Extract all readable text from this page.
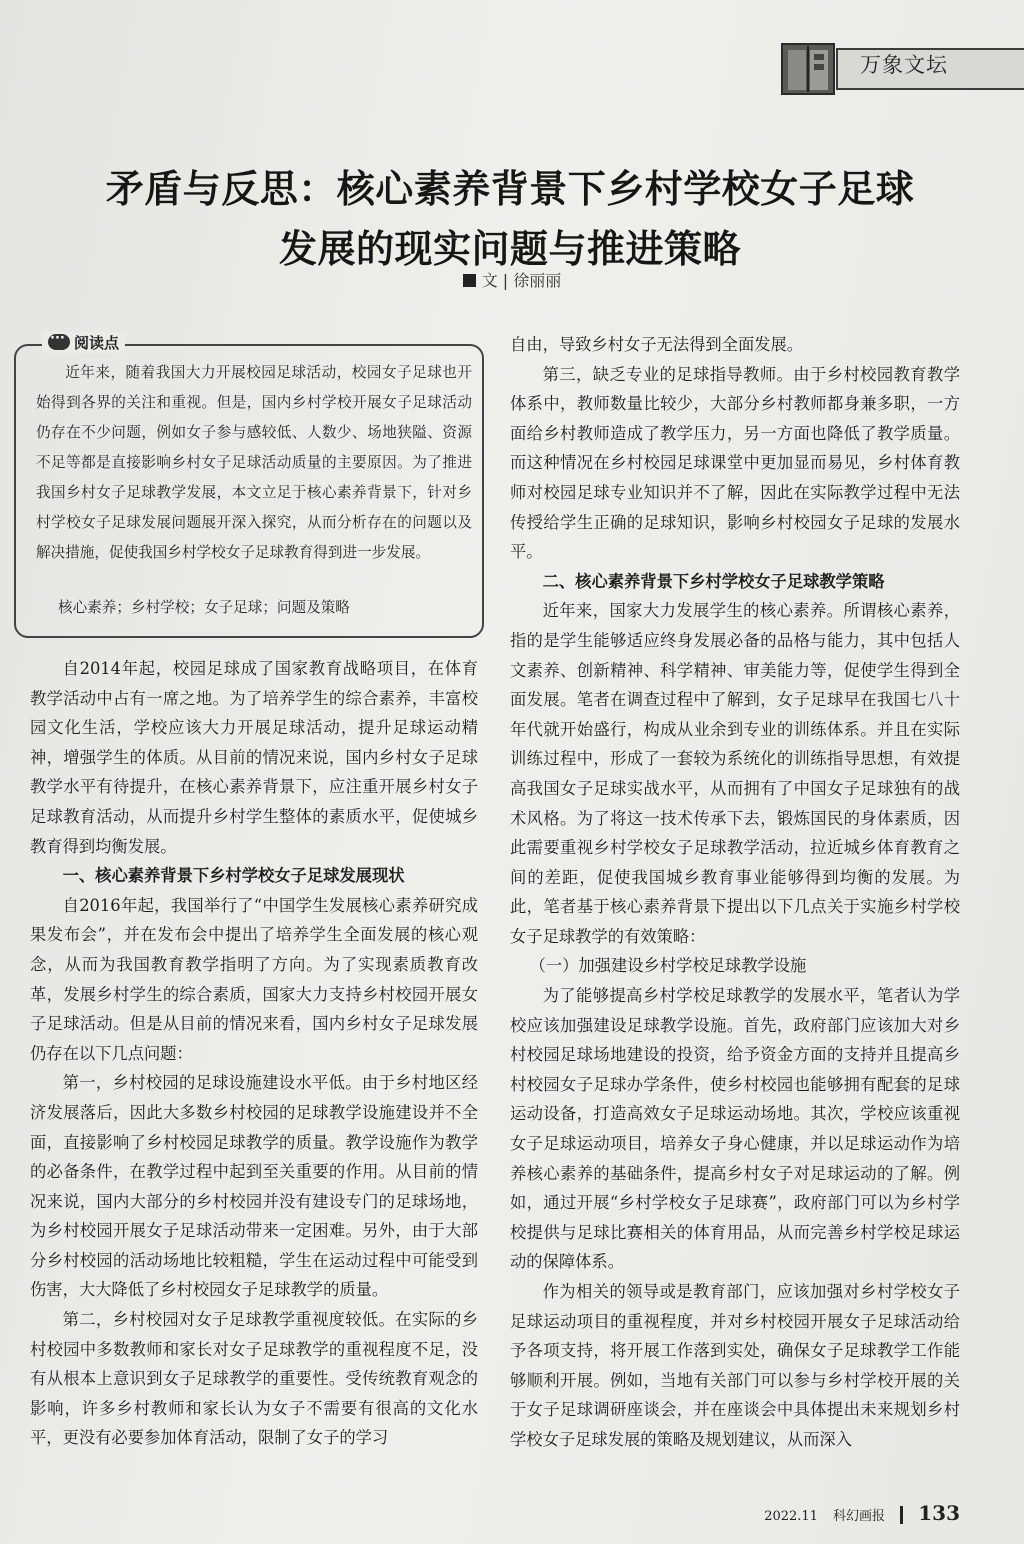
万象文坛
矛盾与反思：核心素养背景下乡村学校女子足球
发展的现实问题与推进策略
文 | 徐丽丽
···阅读点
近年来，随着我国大力开展校园足球活动，校园女子足球也开始得到各界的关注和重视。但是，国内乡村学校开展女子足球活动仍存在不少问题，例如女子参与感较低、人数少、场地狭隘、资源不足等都是直接影响乡村女子足球活动质量的主要原因。为了推进我国乡村女子足球教学发展，本文立足于核心素养背景下，针对乡村学校女子足球发展问题展开深入探究，从而分析存在的问题以及解决措施，促使我国乡村学校女子足球教育得到进一步发展。
核心素养；乡村学校；女子足球；问题及策略

自2014年起，校园足球成了国家教育战略项目，在体育教学活动中占有一席之地。为了培养学生的综合素养，丰富校园文化生活，学校应该大力开展足球活动，提升足球运动精神，增强学生的体质。从目前的情况来说，国内乡村女子足球教学水平有待提升，在核心素养背景下，应注重开展乡村女子足球教育活动，从而提升乡村学生整体的素质水平，促使城乡教育得到均衡发展。

一、核心素养背景下乡村学校女子足球发展现状

自2016年起，我国举行了“中国学生发展核心素养研究成果发布会”，并在发布会中提出了培养学生全面发展的核心观念，从而为我国教育教学指明了方向。为了实现素质教育改革，发展乡村学生的综合素质，国家大力支持乡村校园开展女子足球活动。但是从目前的情况来看，国内乡村女子足球发展仍存在以下几点问题：

第一，乡村校园的足球设施建设水平低。由于乡村地区经济发展落后，因此大多数乡村校园的足球教学设施建设并不全面，直接影响了乡村校园足球教学的质量。教学设施作为教学的必备条件，在教学过程中起到至关重要的作用。从目前的情况来说，国内大部分的乡村校园并没有建设专门的足球场地，为乡村校园开展女子足球活动带来一定困难。另外，由于大部分乡村校园的活动场地比较粗糙，学生在运动过程中可能受到伤害，大大降低了乡村校园女子足球教学的质量。

第二，乡村校园对女子足球教学重视度较低。在实际的乡村校园中多数教师和家长对女子足球教学的重视程度不足，没有从根本上意识到女子足球教学的重要性。受传统教育观念的影响，许多乡村教师和家长认为女子不需要有很高的文化水平，更没有必要参加体育活动，限制了女子的学习

自由，导致乡村女子无法得到全面发展。

第三，缺乏专业的足球指导教师。由于乡村校园教育教学体系中，教师数量比较少，大部分乡村教师都身兼多职，一方面给乡村教师造成了教学压力，另一方面也降低了教学质量。而这种情况在乡村校园足球课堂中更加显而易见，乡村体育教师对校园足球专业知识并不了解，因此在实际教学过程中无法传授给学生正确的足球知识，影响乡村校园女子足球的发展水平。

二、核心素养背景下乡村学校女子足球教学策略

近年来，国家大力发展学生的核心素养。所谓核心素养，指的是学生能够适应终身发展必备的品格与能力，其中包括人文素养、创新精神、科学精神、审美能力等，促使学生得到全面发展。笔者在调查过程中了解到，女子足球早在我国七八十年代就开始盛行，构成从业余到专业的训练体系。并且在实际训练过程中，形成了一套较为系统化的训练指导思想，有效提高我国女子足球实战水平，从而拥有了中国女子足球独有的战术风格。为了将这一技术传承下去，锻炼国民的身体素质，因此需要重视乡村学校女子足球教学活动，拉近城乡体育教育之间的差距，促使我国城乡教育事业能够得到均衡的发展。为此，笔者基于核心素养背景下提出以下几点关于实施乡村学校女子足球教学的有效策略：

（一）加强建设乡村学校足球教学设施

为了能够提高乡村学校足球教学的发展水平，笔者认为学校应该加强建设足球教学设施。首先，政府部门应该加大对乡村校园足球场地建设的投资，给予资金方面的支持并且提高乡村校园女子足球办学条件，使乡村校园也能够拥有配套的足球运动设备，打造高效女子足球运动场地。其次，学校应该重视女子足球运动项目，培养女子身心健康，并以足球运动作为培养核心素养的基础条件，提高乡村女子对足球运动的了解。例如，通过开展“乡村学校女子足球赛”，政府部门可以为乡村学校提供与足球比赛相关的体育用品，从而完善乡村学校足球运动的保障体系。

作为相关的领导或是教育部门，应该加强对乡村学校女子足球运动项目的重视程度，并对乡村校园开展女子足球活动给予各项支持，将开展工作落到实处，确保女子足球教学工作能够顺利开展。例如，当地有关部门可以参与乡村学校开展的关于女子足球调研座谈会，并在座谈会中具体提出未来规划乡村学校女子足球发展的策略及规划建议，从而深入

2022.11 科幻画报 133
